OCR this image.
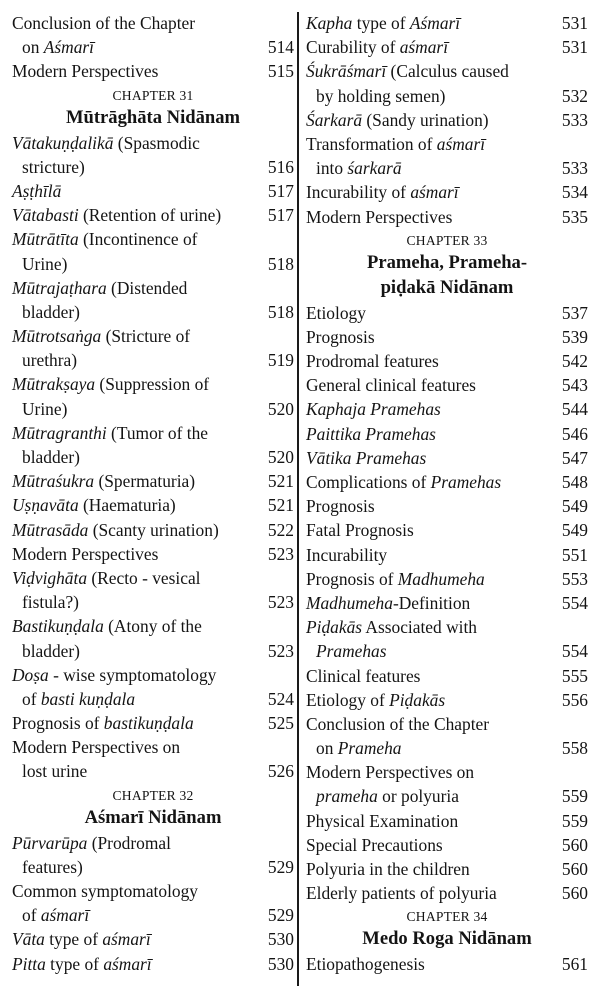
Conclusion of the Chapter
on Aśmarī	514
Modern Perspectives	515
CHAPTER 31
Mūtrāghāta Nidānam
Vātakuṇḍalikā (Spasmodic
stricture)	516
Aṣṭhīlā	517
Vātabasti (Retention of urine)	517
Mūtrātīta (Incontinence of
Urine)	518
Mūtrajaṭhara (Distended
bladder)	518
Mūtrotsaṅga (Stricture of
urethra)	519
Mūtrakṣaya (Suppression of
Urine)	520
Mūtragranthi (Tumor of the
bladder)	520
Mūtraśukra (Spermaturia)	521
Uṣṇavāta (Haematuria)	521
Mūtrasāda (Scanty urination)	522
Modern Perspectives	523
Viḍvighāta (Recto - vesical
fistula?)	523
Bastikuṇḍala (Atony of the
bladder)	523
Doṣa - wise symptomatology
of basti kuṇḍala	524
Prognosis of bastikuṇḍala	525
Modern Perspectives on
lost urine	526
CHAPTER 32
Aśmarī Nidānam
Pūrvarūpa (Prodromal
features)	529
Common symptomatology
of aśmarī	529
Vāta type of aśmarī	530
Pitta type of aśmarī	530
Kapha type of Aśmarī	531
Curability of aśmarī	531
Śukrāśmarī (Calculus caused
by holding semen)	532
Śarkarā (Sandy urination)	533
Transformation of aśmarī
into śarkarā	533
Incurability of aśmarī	534
Modern Perspectives	535
CHAPTER 33
Prameha, Prameha-
piḍakā Nidānam
Etiology	537
Prognosis	539
Prodromal features	542
General clinical features	543
Kaphaja Pramehas	544
Paittika Pramehas	546
Vātika Pramehas	547
Complications of Pramehas	548
Prognosis	549
Fatal Prognosis	549
Incurability	551
Prognosis of Madhumeha	553
Madhumeha-Definition	554
Piḍakās Associated with
Pramehas	554
Clinical features	555
Etiology of Piḍakās	556
Conclusion of the Chapter
on Prameha	558
Modern Perspectives on
prameha or polyuria	559
Physical Examination	559
Special Precautions	560
Polyuria in the children	560
Elderly patients of polyuria	560
CHAPTER 34
Medo Roga Nidānam
Etiopathogenesis	561
